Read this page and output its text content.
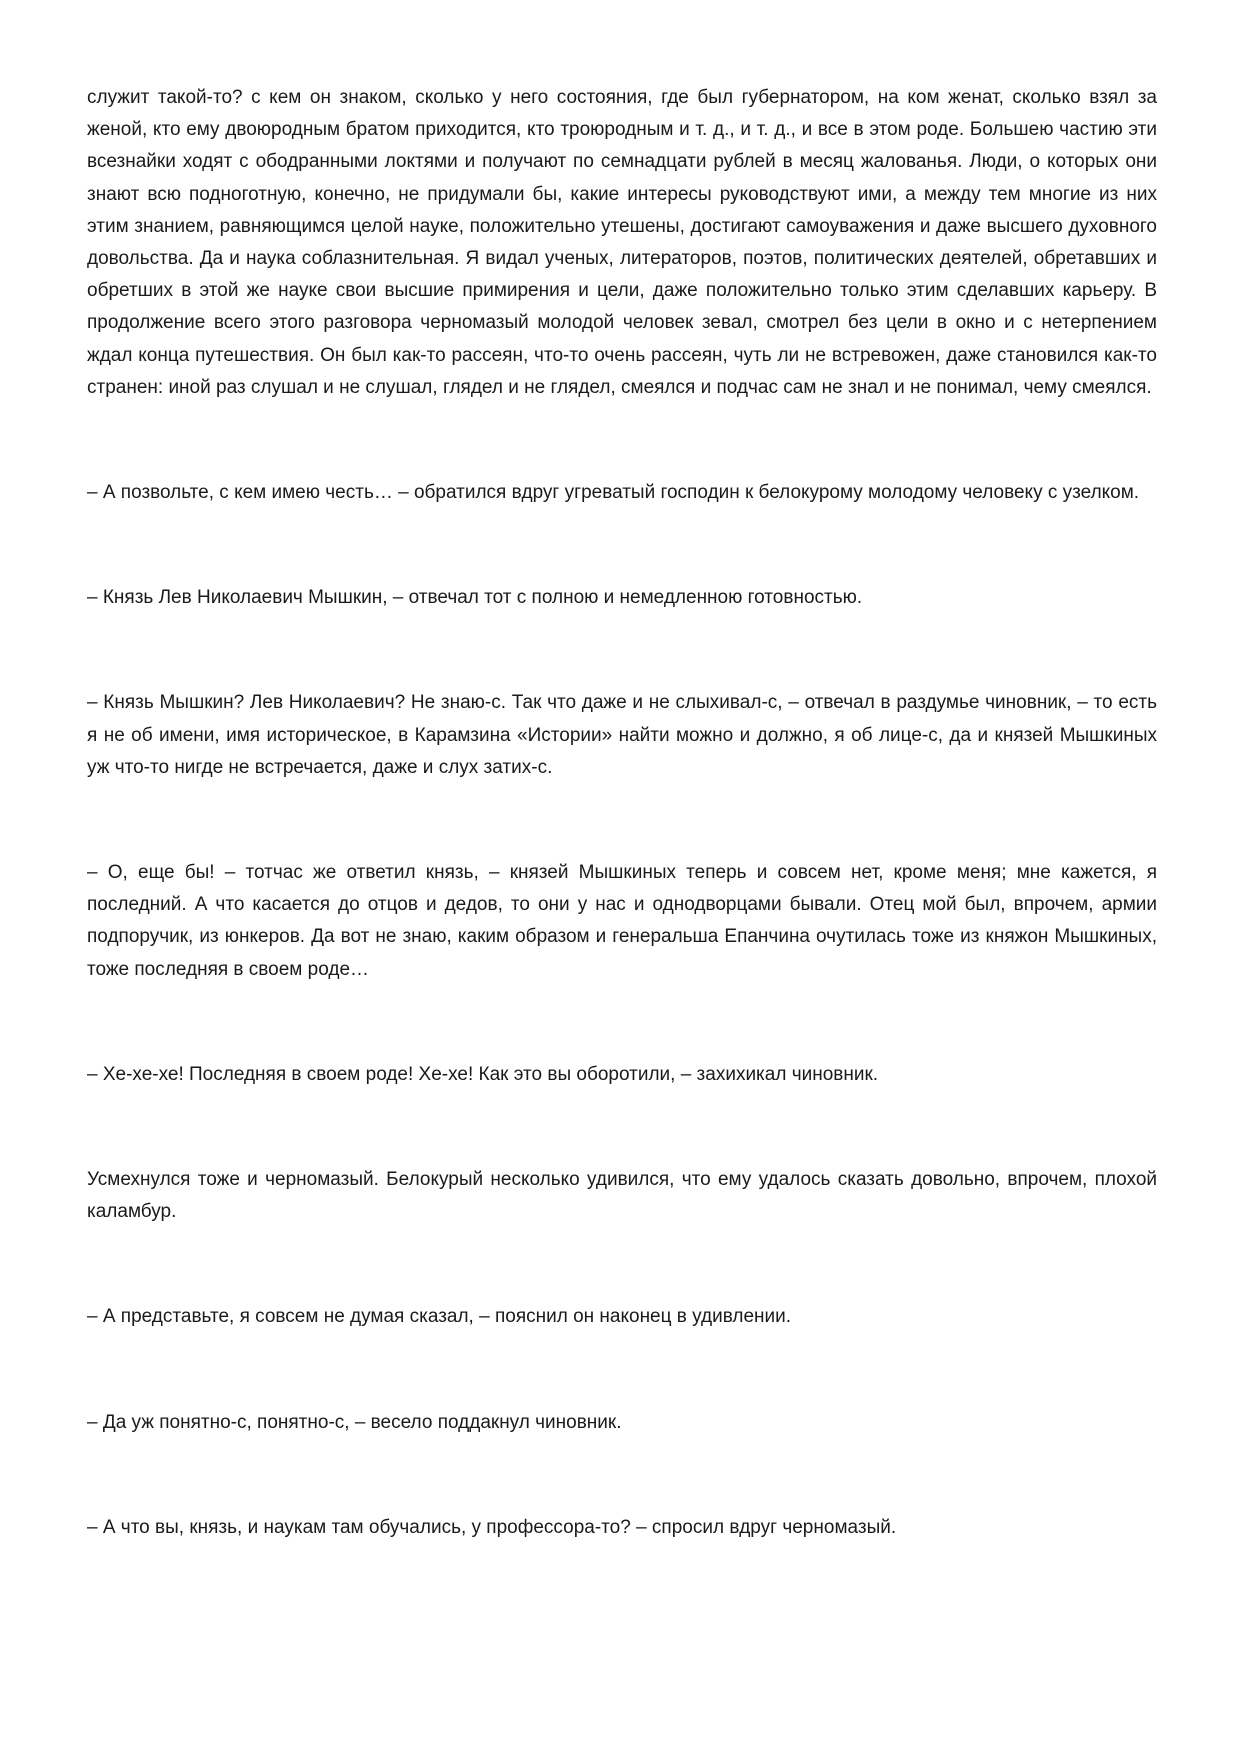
служит такой-то? с кем он знаком, сколько у него состояния, где был губернатором, на ком женат, сколько взял за женой, кто ему двоюродным братом приходится, кто троюродным и т. д., и т. д., и все в этом роде. Большею частию эти всезнайки ходят с ободранными локтями и получают по семнадцати рублей в месяц жалованья. Люди, о которых они знают всю подноготную, конечно, не придумали бы, какие интересы руководствуют ими, а между тем многие из них этим знанием, равняющимся целой науке, положительно утешены, достигают самоуважения и даже высшего духовного довольства. Да и наука соблазнительная. Я видал ученых, литераторов, поэтов, политических деятелей, обретавших и обретших в этой же науке свои высшие примирения и цели, даже положительно только этим сделавших карьеру. В продолжение всего этого разговора черномазый молодой человек зевал, смотрел без цели в окно и с нетерпением ждал конца путешествия. Он был как-то рассеян, что-то очень рассеян, чуть ли не встревожен, даже становился как-то странен: иной раз слушал и не слушал, глядел и не глядел, смеялся и подчас сам не знал и не понимал, чему смеялся.

– А позвольте, с кем имею честь… – обратился вдруг угреватый господин к белокурому молодому человеку с узелком.

– Князь Лев Николаевич Мышкин, – отвечал тот с полною и немедленною готовностью.

– Князь Мышкин? Лев Николаевич? Не знаю-с. Так что даже и не слыхивал-с, – отвечал в раздумье чиновник, – то есть я не об имени, имя историческое, в Карамзина «Истории» найти можно и должно, я об лице-с, да и князей Мышкиных уж что-то нигде не встречается, даже и слух затих-с.

– О, еще бы! – тотчас же ответил князь, – князей Мышкиных теперь и совсем нет, кроме меня; мне кажется, я последний. А что касается до отцов и дедов, то они у нас и однодворцами бывали. Отец мой был, впрочем, армии подпоручик, из юнкеров. Да вот не знаю, каким образом и генеральша Епанчина очутилась тоже из княжон Мышкиных, тоже последняя в своем роде…

– Хе-хе-хе! Последняя в своем роде! Хе-хе! Как это вы оборотили, – захихикал чиновник.

Усмехнулся тоже и черномазый. Белокурый несколько удивился, что ему удалось сказать довольно, впрочем, плохой каламбур.

– А представьте, я совсем не думая сказал, – пояснил он наконец в удивлении.

– Да уж понятно-с, понятно-с, – весело поддакнул чиновник.

– А что вы, князь, и наукам там обучались, у профессора-то? – спросил вдруг черномазый.
